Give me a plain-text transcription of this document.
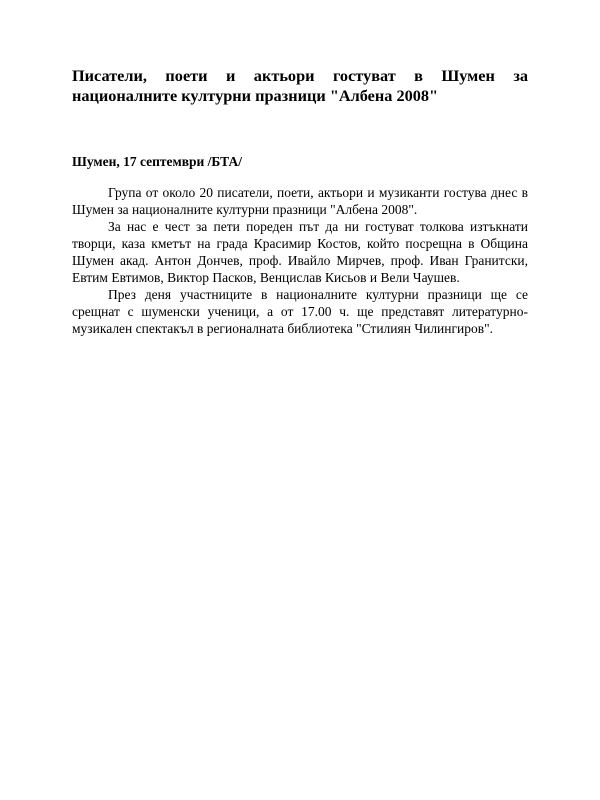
Писатели, поети и актьори гостуват в Шумен за националните културни празници "Албена 2008"
Шумен, 17 септември /БТА/

Група от около 20 писатели, поети, актьори и музиканти гостува днес в Шумен за националните културни празници "Албена 2008".

За нас е чест за пети пореден път да ни гостуват толкова изтъкнати творци, каза кметът на града Красимир Костов, който посрещна в Община Шумен акад. Антон Дончев, проф. Ивайло Мирчев, проф. Иван Гранитски, Евтим Евтимов, Виктор Пасков, Венцислав Кисьов и Вели Чаушев.

През деня участниците в националните културни празници ще се срещнат с шуменски ученици, а от 17.00 ч. ще представят литературно-музикален спектакъл в регионалната библиотека "Стилиян Чилингиров".
